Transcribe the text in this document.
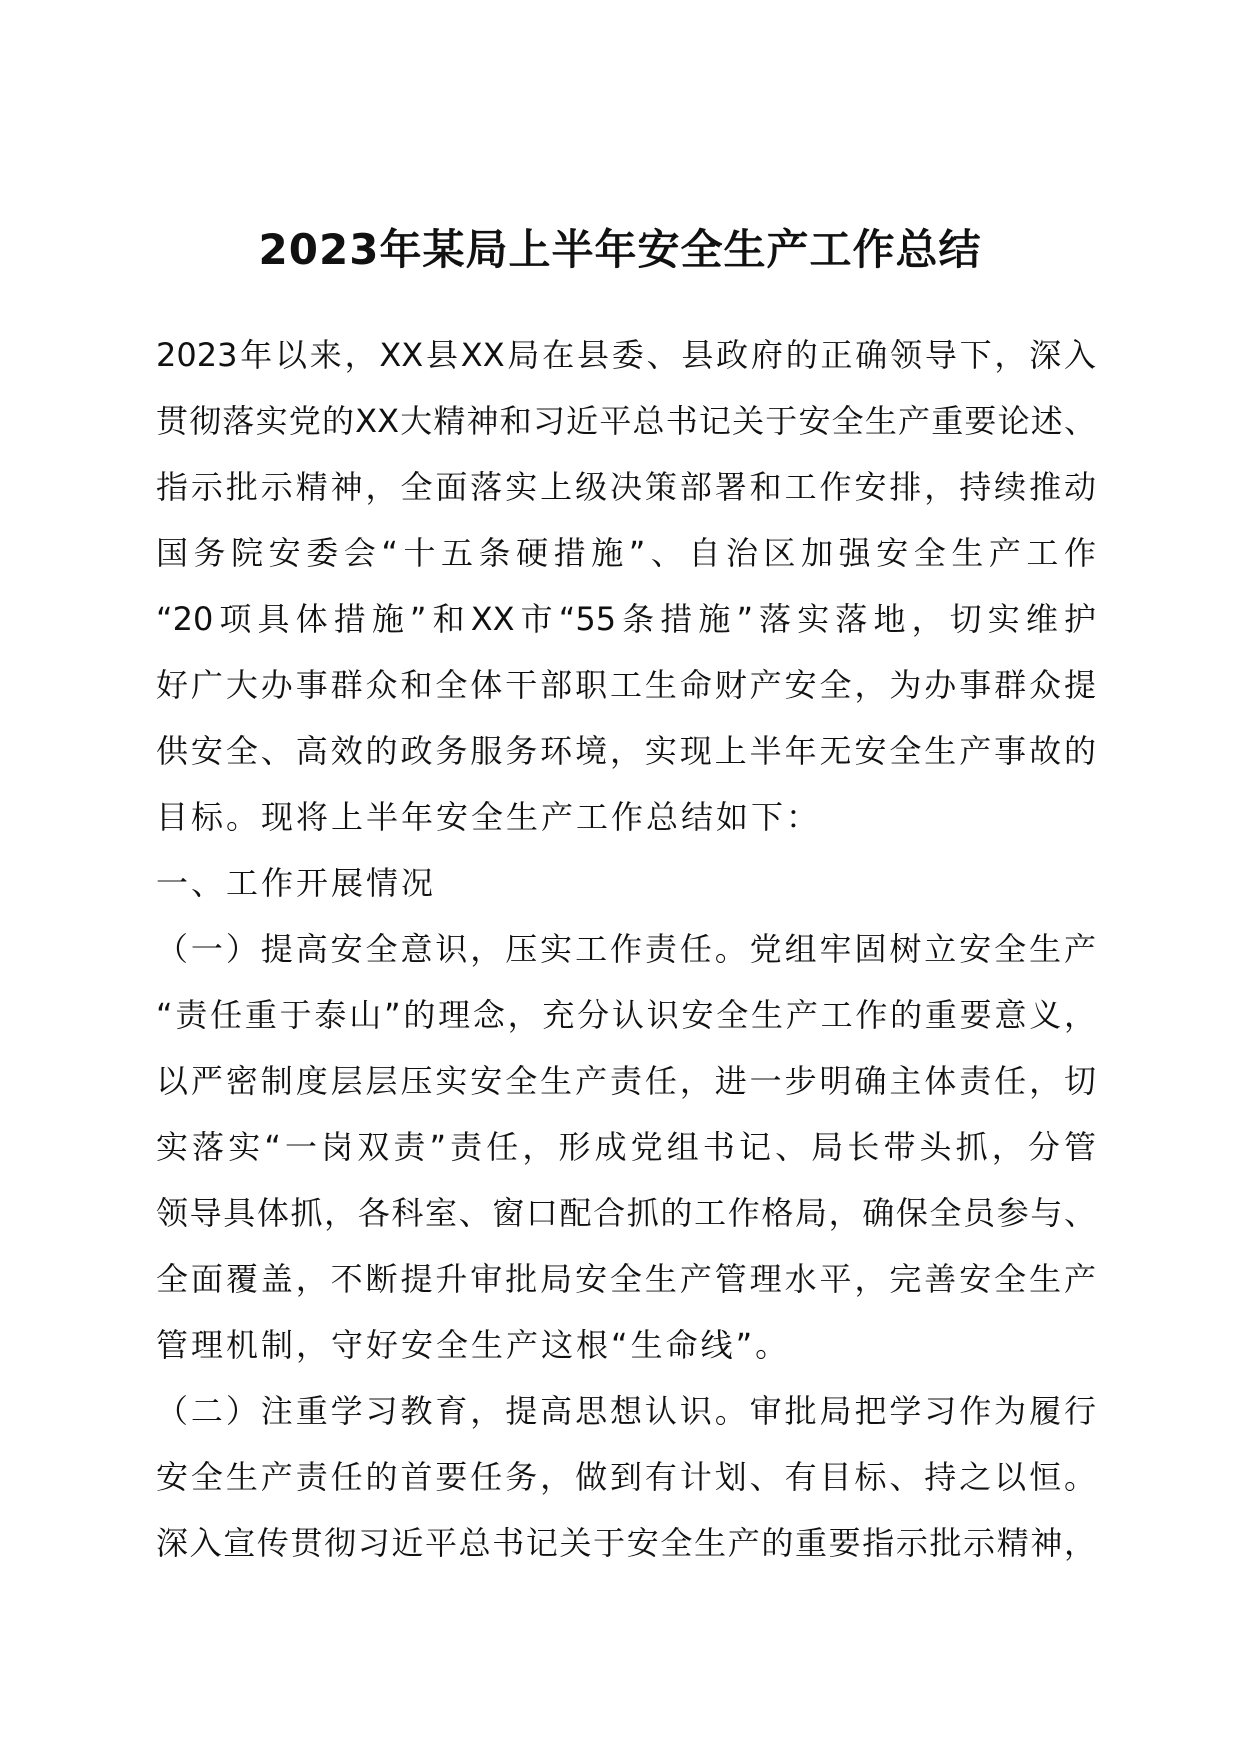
2023年某局上半年安全生产工作总结
2023年以来，XX县XX局在县委、县政府的正确领导下，深入
贯彻落实党的XX大精神和习近平总书记关于安全生产重要论述、
指示批示精神，全面落实上级决策部署和工作安排，持续推动
国务院安委会“十五条硬措施”、自治区加强安全生产工作
“20项具体措施”和XX市“55条措施”落实落地，切实维护
好广大办事群众和全体干部职工生命财产安全，为办事群众提
供安全、高效的政务服务环境，实现上半年无安全生产事故的
目标。现将上半年安全生产工作总结如下：
一、工作开展情况
（一）提高安全意识，压实工作责任。党组牢固树立安全生产
“责任重于泰山”的理念，充分认识安全生产工作的重要意义，
以严密制度层层压实安全生产责任，进一步明确主体责任，切
实落实“一岗双责”责任，形成党组书记、局长带头抓，分管
领导具体抓，各科室、窗口配合抓的工作格局，确保全员参与、
全面覆盖，不断提升审批局安全生产管理水平，完善安全生产
管理机制，守好安全生产这根“生命线”。
（二）注重学习教育，提高思想认识。审批局把学习作为履行
安全生产责任的首要任务，做到有计划、有目标、持之以恒。
深入宣传贯彻习近平总书记关于安全生产的重要指示批示精神，
